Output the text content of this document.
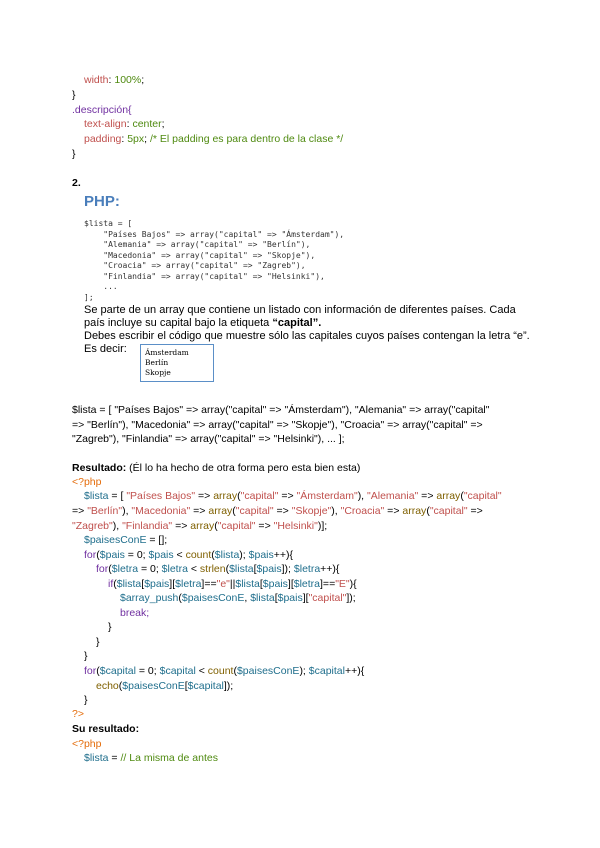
width: 100%;
}
.descripción{
text-align: center;
padding: 5px; /* El padding es para dentro de la clase */
}
2.
PHP:
$lista = [
"Países Bajos" => array("capital" => "Ámsterdam"),
"Alemania" => array("capital" => "Berlín"),
"Macedonia" => array("capital" => "Skopje"),
"Croacia" => array("capital" => "Zagreb"),
"Finlandia" => array("capital" => "Helsinki"),
...
];
Se parte de un array que contiene un listado con información de diferentes países. Cada
país incluye su capital bajo la etiqueta “capital”.
Debes escribir el código que muestre sólo las capitales cuyos países contengan la letra “e”.
Es decir: Ámsterdam
Berlín
Skopje
$lista = [ "Países Bajos" => array("capital" => "Ámsterdam"), "Alemania" => array("capital"
=> "Berlín"), "Macedonia" => array("capital" => "Skopje"), "Croacia" => array("capital" =>
"Zagreb"), "Finlandia" => array("capital" => "Helsinki"), ... ];
Resultado: (Él lo ha hecho de otra forma pero esta bien esta)
<?php
$lista = [ "Países Bajos" => array("capital" => "Ámsterdam"), "Alemania" => array("capital"
=> "Berlín"), "Macedonia" => array("capital" => "Skopje"), "Croacia" => array("capital" =>
"Zagreb"), "Finlandia" => array("capital" => "Helsinki")];
$paisesConE = [];
for($pais = 0; $pais < count($lista); $pais++){
for($letra = 0; $letra < strlen($lista[$pais]); $letra++){
if($lista[$pais][$letra]=="e"||$lista[$pais][$letra]=="E"){
$array_push($paisesConE, $lista[$pais]["capital"]);
break;
}
}
}
for($capital = 0; $capital < count($paisesConE); $capital++){
echo($paisesConE[$capital]);
}
?>
Su resultado:
<?php
$lista = // La misma de antes
